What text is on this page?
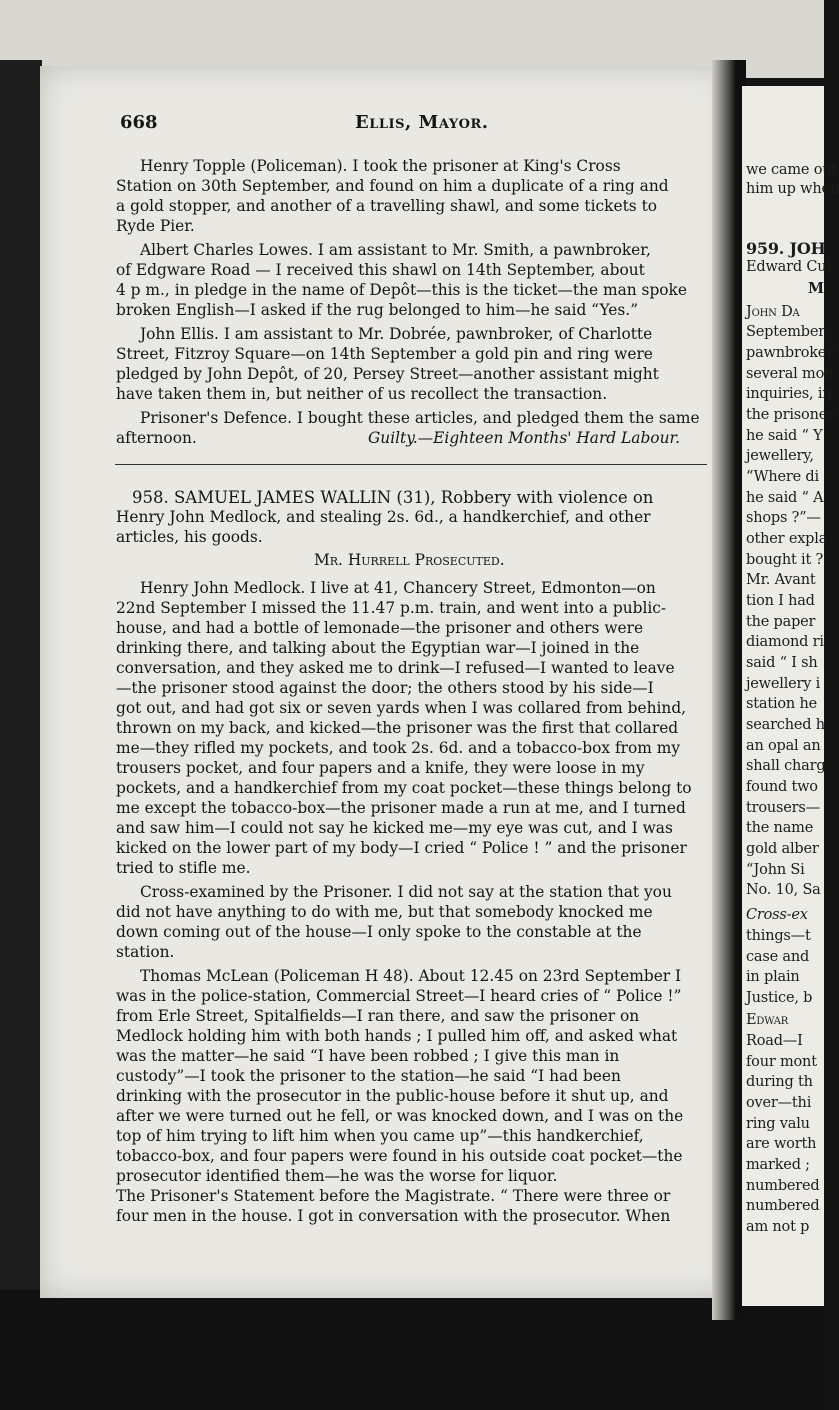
we came out
him up when
959. JOH
Edward Cul
M
John Da
September,
pawnbroker
several mon
inquiries, in
the prisoner
he said “ Y
jewellery,
“Where di
he said “ A
shops ?”—
other expla
bought it ?
Mr. Avant
tion I had
the paper
diamond ri
said “ I sh
jewellery i
station he
searched h
an opal an
shall charg
found two
trousers—
the name
gold alber
“John Si
No. 10, Sa
Cross-ex
things—t
case and
in plain
Justice, b
Edwar
Road—I
four mont
during th
over—thi
ring valu
are worth
marked ;
numbered
numbered
am not p
668	Ellis, Mayor.
Henry Topple (Policeman). I took the prisoner at King's Cross
Station on 30th September, and found on him a duplicate of a ring and
a gold stopper, and another of a travelling shawl, and some tickets to
Ryde Pier.
Albert Charles Lowes. I am assistant to Mr. Smith, a pawnbroker,
of Edgware Road — I received this shawl on 14th September, about
4 p m., in pledge in the name of Depôt—this is the ticket—the man spoke
broken English—I asked if the rug belonged to him—he said “Yes.”
John Ellis. I am assistant to Mr. Dobrée, pawnbroker, of Charlotte
Street, Fitzroy Square—on 14th September a gold pin and ring were
pledged by John Depôt, of 20, Persey Street—another assistant might
have taken them in, but neither of us recollect the transaction.
Prisoner's Defence. I bought these articles, and pledged them the same
afternoon.	Guilty.—Eighteen Months' Hard Labour.
958. SAMUEL JAMES WALLIN (31), Robbery with violence on
Henry John Medlock, and stealing 2s. 6d., a handkerchief, and other
articles, his goods.
Mr. Hurrell Prosecuted.
Henry John Medlock. I live at 41, Chancery Street, Edmonton—on
22nd September I missed the 11.47 p.m. train, and went into a public-
house, and had a bottle of lemonade—the prisoner and others were
drinking there, and talking about the Egyptian war—I joined in the
conversation, and they asked me to drink—I refused—I wanted to leave
—the prisoner stood against the door; the others stood by his side—I
got out, and had got six or seven yards when I was collared from behind,
thrown on my back, and kicked—the prisoner was the first that collared
me—they rifled my pockets, and took 2s. 6d. and a tobacco-box from my
trousers pocket, and four papers and a knife, they were loose in my
pockets, and a handkerchief from my coat pocket—these things belong to
me except the tobacco-box—the prisoner made a run at me, and I turned
and saw him—I could not say he kicked me—my eye was cut, and I was
kicked on the lower part of my body—I cried “ Police ! ” and the prisoner
tried to stifle me.
Cross-examined by the Prisoner. I did not say at the station that you
did not have anything to do with me, but that somebody knocked me
down coming out of the house—I only spoke to the constable at the
station.
Thomas McLean (Policeman H 48). About 12.45 on 23rd September I
was in the police-station, Commercial Street—I heard cries of “ Police !”
from Erle Street, Spitalfields—I ran there, and saw the prisoner on
Medlock holding him with both hands ; I pulled him off, and asked what
was the matter—he said “I have been robbed ; I give this man in
custody”—I took the prisoner to the station—he said “I had been
drinking with the prosecutor in the public-house before it shut up, and
after we were turned out he fell, or was knocked down, and I was on the
top of him trying to lift him when you came up”—this handkerchief,
tobacco-box, and four papers were found in his outside coat pocket—the
prosecutor identified them—he was the worse for liquor.
The Prisoner's Statement before the Magistrate. “ There were three or
four men in the house. I got in conversation with the prosecutor. When
